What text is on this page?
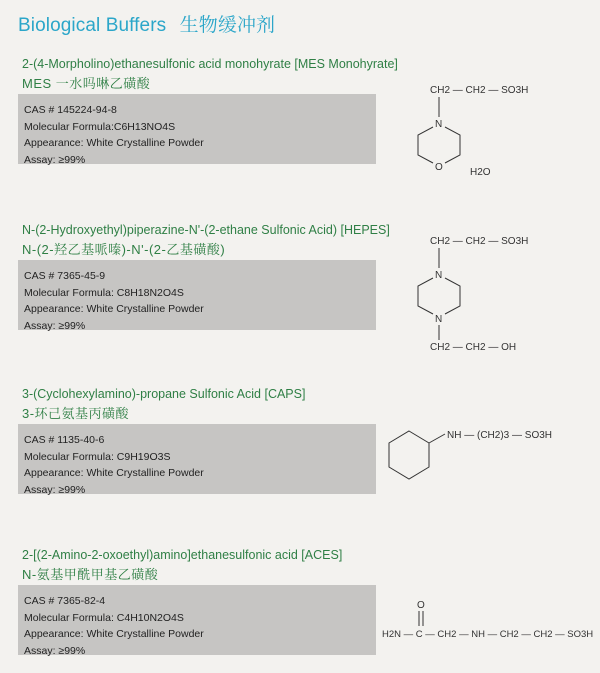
Biological Buffers 生物缓冲剂
2-(4-Morpholino)ethanesulfonic acid monohyrate [MES Monohyrate]
MES 一水吗啉乙磺酸
CAS # 145224-94-8
Molecular Formula:C6H13NO4S
Appearance: White Crystalline Powder
Assay: ≥99%
CH2 — CH2 — SO3H
N
O	H2O
N-(2-Hydroxyethyl)piperazine-N'-(2-ethane Sulfonic Acid) [HEPES]
N-(2-羟乙基哌嗪)-N'-(2-乙基磺酸)
CAS # 7365-45-9
Molecular Formula: C8H18N2O4S
Appearance: White Crystalline Powder
Assay: ≥99%
CH2 — CH2 — SO3H
N
N
CH2 — CH2 — OH
3-(Cyclohexylamino)-propane Sulfonic Acid [CAPS]
3-环己氨基丙磺酸
CAS # 1135-40-6
Molecular Formula: C9H19O3S
Appearance: White Crystalline Powder
Assay: ≥99%
NH — (CH2)3 — SO3H
2-[(2-Amino-2-oxoethyl)amino]ethanesulfonic acid [ACES]
N-氨基甲酰甲基乙磺酸
CAS # 7365-82-4
Molecular Formula: C4H10N2O4S
Appearance: White Crystalline Powder
Assay: ≥99%
O
H2N — C — CH2 — NH — CH2 — CH2 — SO3H
